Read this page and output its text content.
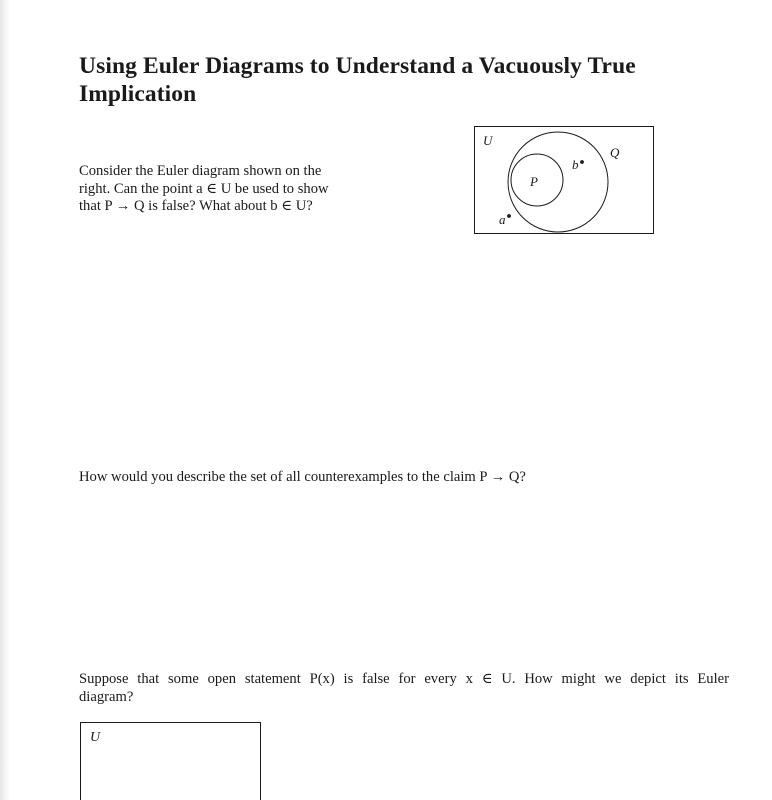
Using Euler Diagrams to Understand a Vacuously True Implication

Consider the Euler diagram shown on the
right. Can the point a ∈ U be used to show
that P → Q is false? What about b ∈ U?

U
Q
P
b
a

How would you describe the set of all counterexamples to the claim P → Q?

Suppose that some open statement P(x) is false for every x ∈ U. How might we depict its Euler
diagram?

U
